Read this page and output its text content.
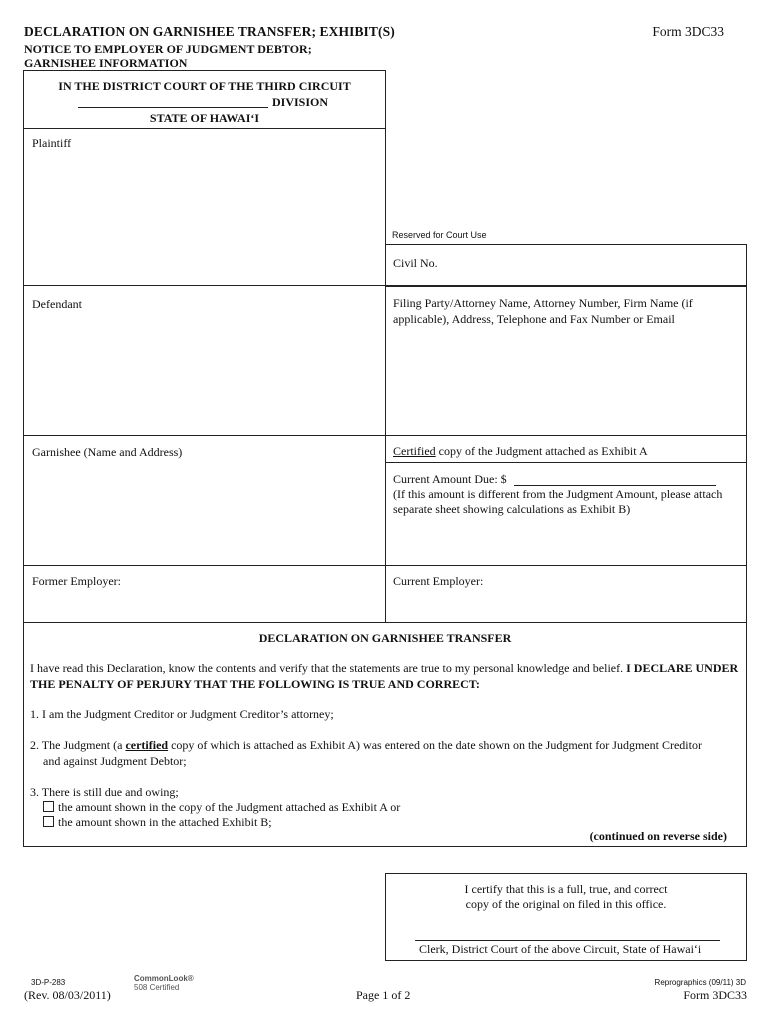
DECLARATION ON GARNISHEE TRANSFER; EXHIBIT(S)	Form 3DC33
NOTICE TO EMPLOYER OF JUDGMENT DEBTOR;
GARNISHEE INFORMATION
IN THE DISTRICT COURT OF THE THIRD CIRCUIT
DIVISION
STATE OF HAWAI‘I
Plaintiff
Defendant
Garnishee (Name and Address)
Former Employer:
Reserved for Court Use
Civil No.
Filing Party/Attorney Name, Attorney Number, Firm Name (if applicable), Address, Telephone and Fax Number or Email
Certified copy of the Judgment attached as Exhibit A
Current Amount Due: $
(If this amount is different from the Judgment Amount, please attach separate sheet showing calculations as Exhibit B)
Current Employer:
DECLARATION ON GARNISHEE TRANSFER
I have read this Declaration, know the contents and verify that the statements are true to my personal knowledge and belief. I DECLARE UNDER THE PENALTY OF PERJURY THAT THE FOLLOWING IS TRUE AND CORRECT:
1. I am the Judgment Creditor or Judgment Creditor’s attorney;
2. The Judgment (a certified copy of which is attached as Exhibit A) was entered on the date shown on the Judgment for Judgment Creditor
and against Judgment Debtor;
3. There is still due and owing;
the amount shown in the copy of the Judgment attached as Exhibit A or
the amount shown in the attached Exhibit B;
(continued on reverse side)
I certify that this is a full, true, and correct
copy of the original on filed in this office.
Clerk, District Court of the above Circuit, State of Hawai‘i
3D-P-283
(Rev. 08/03/2011)
CommonLook®
508 Certified
Page 1 of 2
Reprographics (09/11) 3D
Form 3DC33
